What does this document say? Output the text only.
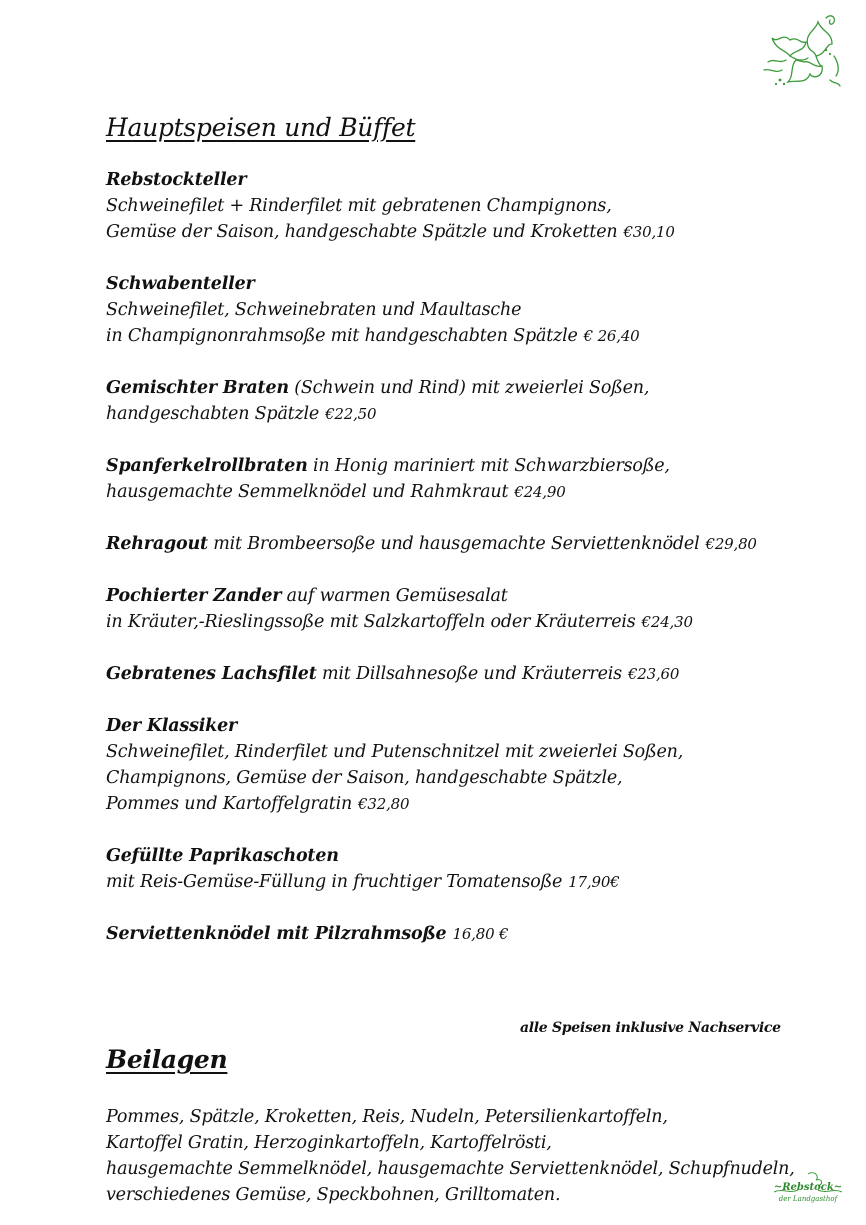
Hauptspeisen und Büffet
Rebstockteller
Schweinefilet + Rinderfilet mit gebratenen Champignons,
Gemüse der Saison, handgeschabte Spätzle und Kroketten €30,10
Schwabenteller
Schweinefilet, Schweinebraten und Maultasche
in Champignonrahmsoße mit handgeschabten Spätzle € 26,40
Gemischter Braten (Schwein und Rind) mit zweierlei Soßen,
handgeschabten Spätzle €22,50
Spanferkelrollbraten in Honig mariniert mit Schwarzbiersoße,
hausgemachte Semmelknödel und Rahmkraut €24,90
Rehragout mit Brombeersoße und hausgemachte Serviettenknödel €29,80
Pochierter Zander auf warmen Gemüsesalat
in Kräuter,-Rieslingssoße mit Salzkartoffeln oder Kräuterreis €24,30
Gebratenes Lachsfilet mit Dillsahnesoße und Kräuterreis €23,60
Der Klassiker
Schweinefilet, Rinderfilet und Putenschnitzel mit zweierlei Soßen,
Champignons, Gemüse der Saison, handgeschabte Spätzle,
Pommes und Kartoffelgratin €32,80
Gefüllte Paprikaschoten
mit Reis-Gemüse-Füllung in fruchtiger Tomatensoße 17,90€
Serviettenknödel mit Pilzrahmsoße 16,80 €
alle Speisen inklusive Nachservice
Beilagen
Pommes, Spätzle, Kroketten, Reis, Nudeln, Petersilienkartoffeln,
Kartoffel Gratin, Herzoginkartoffeln, Kartoffelrösti,
hausgemachte Semmelknödel, hausgemachte Serviettenknödel, Schupfnudeln,
verschiedenes Gemüse, Speckbohnen, Grilltomaten.	~Rebstock~
der Landgasthof
